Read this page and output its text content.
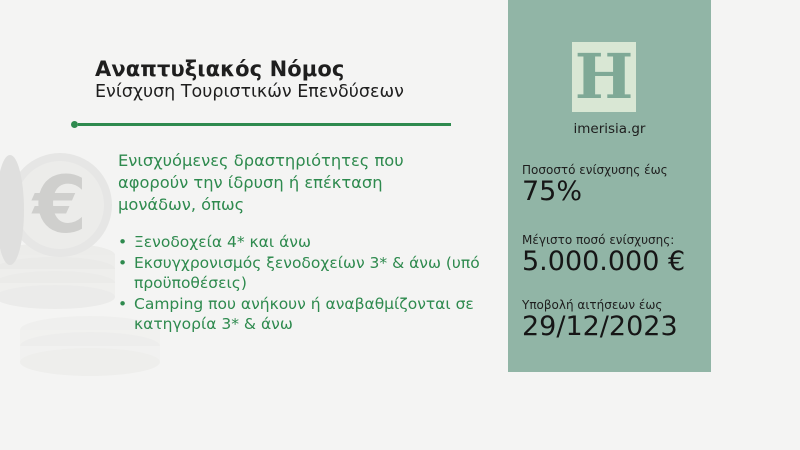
€
Αναπτυξιακός Νόμος
Ενίσχυση Τουριστικών Επενδύσεων
Ενισχυόμενες δραστηριότητες που αφορούν την ίδρυση ή επέκταση μονάδων, όπως
• Ξενοδοχεία 4* και άνω
• Εκσυγχρονισμός ξενοδοχείων 3* & άνω (υπό προϋποθέσεις)
• Camping που ανήκουν ή αναβαθμίζονται σε κατηγορία 3* & άνω
H
imerisia.gr
Ποσοστό ενίσχυσης έως
75%
Μέγιστο ποσό ενίσχυσης:
5.000.000 €
Υποβολή αιτήσεων έως
29/12/2023
